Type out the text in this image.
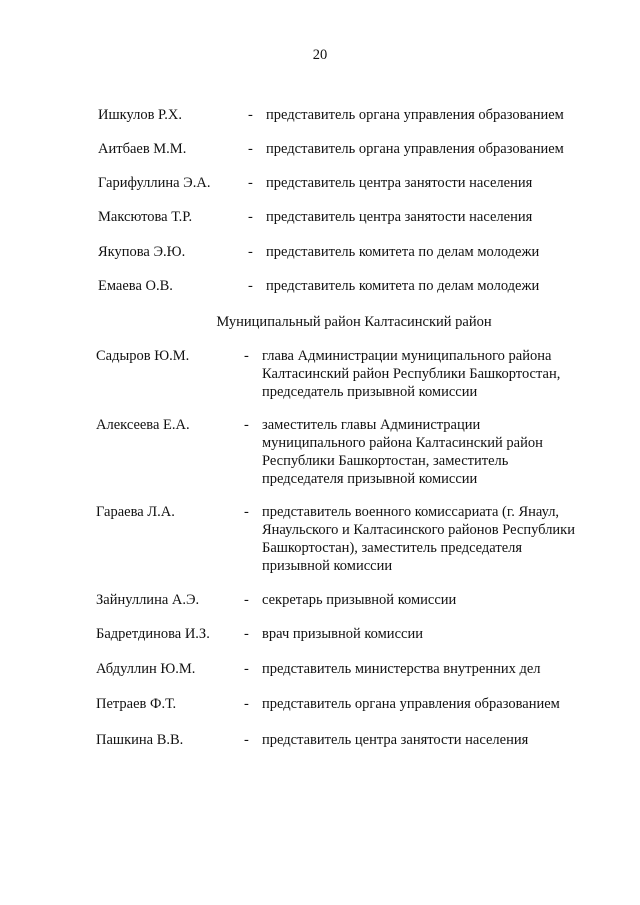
20
Ишкулов Р.Х.	- представитель органа управления образованием
Аитбаев М.М.	- представитель органа управления образованием
Гарифуллина Э.А.	- представитель центра занятости населения
Максютова Т.Р.	- представитель центра занятости населения
Якупова Э.Ю.	- представитель комитета по делам молодежи
Емаева О.В.	- представитель комитета по делам молодежи
Муниципальный район Калтасинский район
Садыров Ю.М.	- глава Администрации муниципального района
Калтасинский район Республики Башкортостан,
председатель призывной комиссии
Алексеева Е.А.	- заместитель главы Администрации
муниципального района Калтасинский район
Республики Башкортостан, заместитель
председателя призывной комиссии
Гараева Л.А.	- представитель военного комиссариата (г. Янаул,
Янаульского и Калтасинского районов Республики
Башкортостан), заместитель председателя
призывной комиссии
Зайнуллина А.Э.	- секретарь призывной комиссии
Бадретдинова И.З. - врач призывной комиссии
Абдуллин Ю.М.	- представитель министерства внутренних дел
Петраев Ф.Т.	- представитель органа управления образованием
Пашкина В.В.	- представитель центра занятости населения
